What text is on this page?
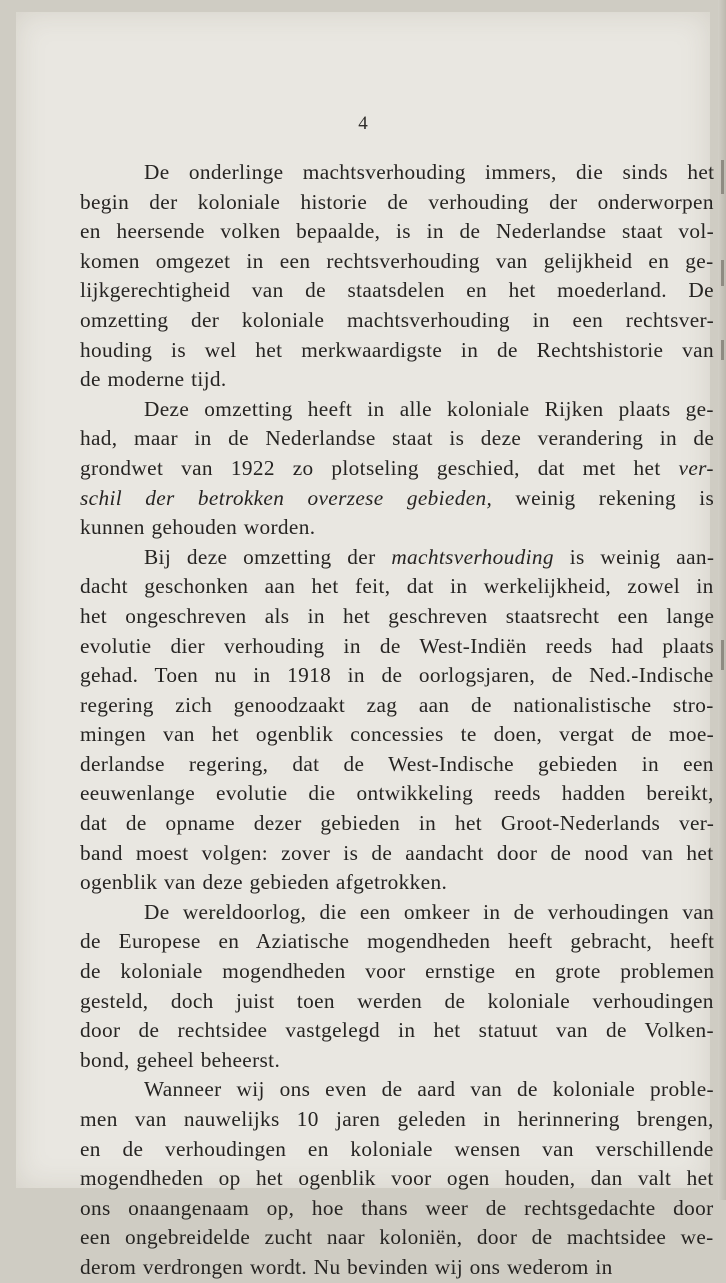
4
De onderlinge machtsverhouding immers, die sinds het
begin der koloniale historie de verhouding der onderworpen
en heersende volken bepaalde, is in de Nederlandse staat vol-
komen omgezet in een rechtsverhouding van gelijkheid en ge-
lijkgerechtigheid van de staatsdelen en het moederland. De
omzetting der koloniale machtsverhouding in een rechtsver-
houding is wel het merkwaardigste in de Rechtshistorie van
de moderne tijd.
Deze omzetting heeft in alle koloniale Rijken plaats ge-
had, maar in de Nederlandse staat is deze verandering in de
grondwet van 1922 zo plotseling geschied, dat met het ver-
schil der betrokken overzese gebieden, weinig rekening is
kunnen gehouden worden.
Bij deze omzetting der machtsverhouding is weinig aan-
dacht geschonken aan het feit, dat in werkelijkheid, zowel in
het ongeschreven als in het geschreven staatsrecht een lange
evolutie dier verhouding in de West-Indiën reeds had plaats
gehad. Toen nu in 1918 in de oorlogsjaren, de Ned.-Indische
regering zich genoodzaakt zag aan de nationalistische stro-
mingen van het ogenblik concessies te doen, vergat de moe-
derlandse regering, dat de West-Indische gebieden in een
eeuwenlange evolutie die ontwikkeling reeds hadden bereikt,
dat de opname dezer gebieden in het Groot-Nederlands ver-
band moest volgen: zover is de aandacht door de nood van het
ogenblik van deze gebieden afgetrokken.
De wereldoorlog, die een omkeer in de verhoudingen van
de Europese en Aziatische mogendheden heeft gebracht, heeft
de koloniale mogendheden voor ernstige en grote problemen
gesteld, doch juist toen werden de koloniale verhoudingen
door de rechtsidee vastgelegd in het statuut van de Volken-
bond, geheel beheerst.
Wanneer wij ons even de aard van de koloniale proble-
men van nauwelijks 10 jaren geleden in herinnering brengen,
en de verhoudingen en koloniale wensen van verschillende
mogendheden op het ogenblik voor ogen houden, dan valt het
ons onaangenaam op, hoe thans weer de rechtsgedachte door
een ongebreidelde zucht naar koloniën, door de machtsidee we-
derom verdrongen wordt. Nu bevinden wij ons wederom in
